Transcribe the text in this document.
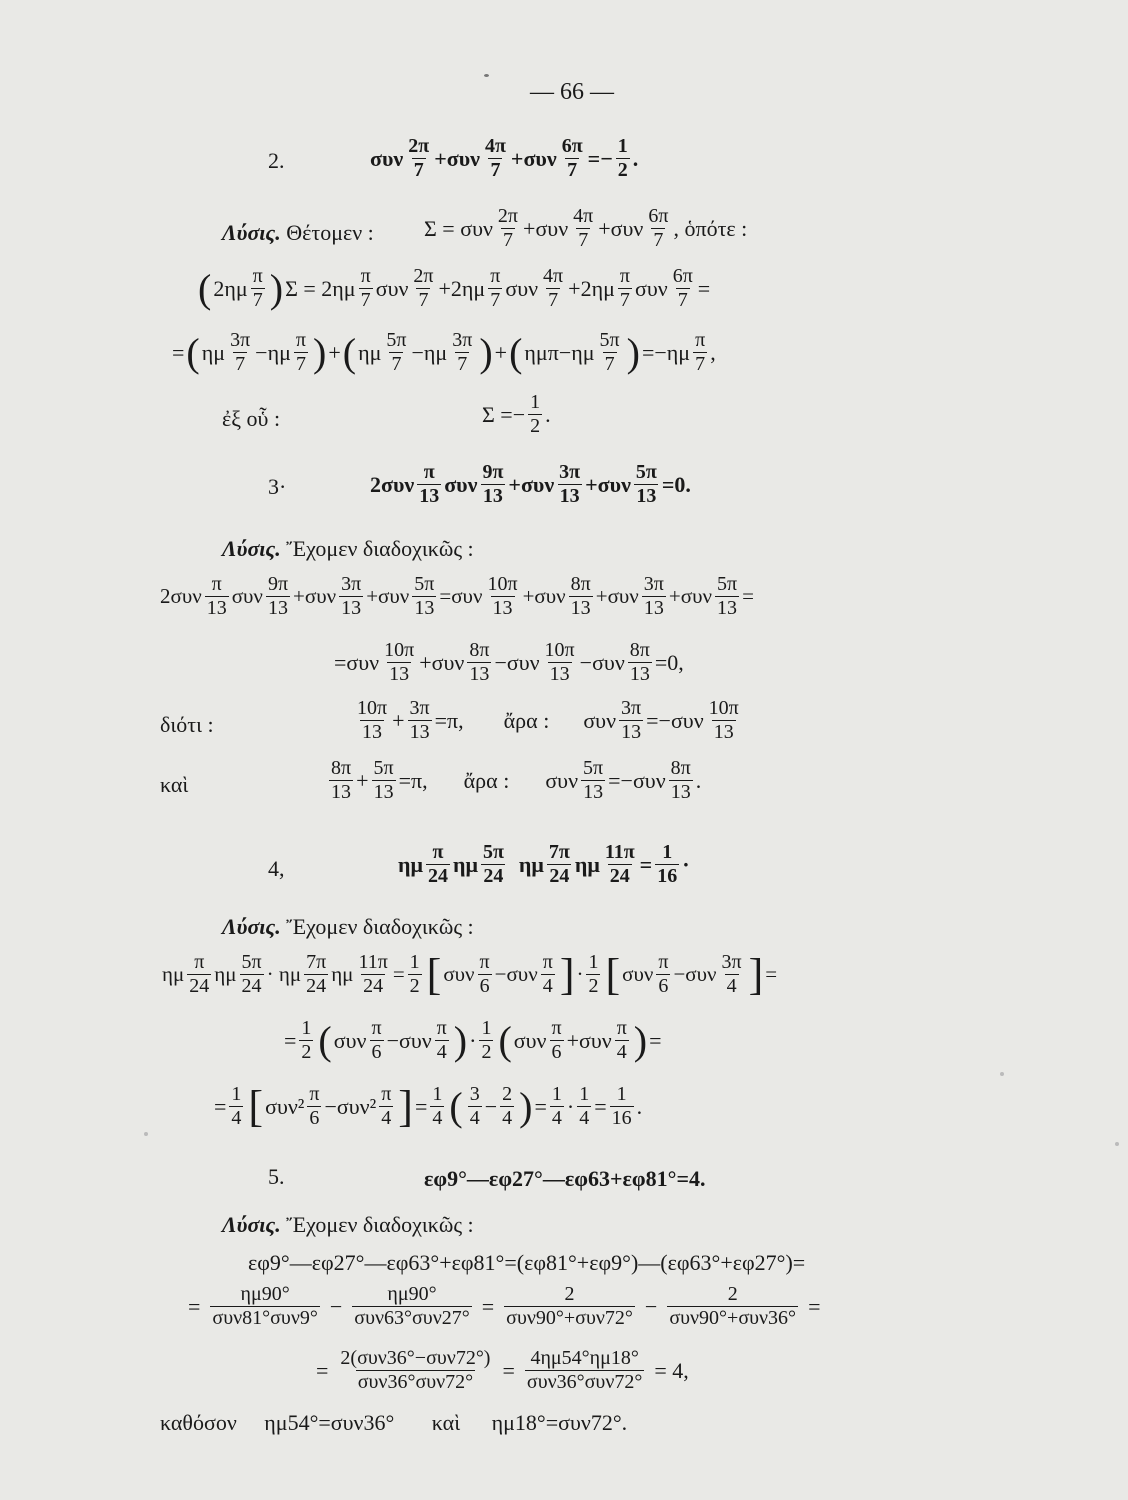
— 66 —
2.	συν $\frac{2\pi}{7} +\sigma\upsilon\nu \frac{4\pi}{7} +\sigma\upsilon\nu \frac{6\pi}{7} =- \frac{1}{2}$ .
Λύσις. Θέτομεν : Σ = συν $\frac{2\pi}{7} +\sigma\upsilon\nu \frac{4\pi}{7} +\sigma\upsilon\nu \frac{6\pi}{7}$ , ὁπότε :
( $2\eta\mu \frac{\pi}{7}$ ) $\Sigma = 2\eta\mu \frac{\pi}{7}$ συν $\frac{2\pi}{7} +2\eta\mu \frac{\pi}{7}$ συν $\frac{4\pi}{7} +2\eta\mu \frac{\pi}{7}$ συν $\frac{6\pi}{7}$ =
= ( ημ $\frac{3\pi}{7} -\eta\mu \frac{\pi}{7}$ ) + ( ημ $\frac{5\pi}{7} -\eta\mu \frac{3\pi}{7}$ ) + ( $\eta\mu\pi-\eta\mu \frac{5\pi}{7}$ ) $=-\eta\mu \frac{\pi}{7}$ ,
ἐξ οὗ :	$\Sigma =- \frac{1}{2}$ .
3·	$2\sigma\upsilon\nu \frac{\pi}{13}$ συν $\frac{9\pi}{13} +\sigma\upsilon\nu \frac{3\pi}{13} +\sigma\upsilon\nu \frac{5\pi}{13} =0$.
Λύσις. Ἔχομεν διαδοχικῶς :
$2\sigma\upsilon\nu \frac{\pi}{13}$ συν $\frac{9\pi}{13} +\sigma\upsilon\nu \frac{3\pi}{13} +\sigma\upsilon\nu \frac{5\pi}{13} =\sigma\upsilon\nu \frac{10\pi}{13} +\sigma\upsilon\nu \frac{8\pi}{13} +\sigma\upsilon\nu \frac{3\pi}{13} +\sigma\upsilon\nu \frac{5\pi}{13}$ =
$=\sigma\upsilon\nu \frac{10\pi}{13} +\sigma\upsilon\nu \frac{8\pi}{13} -\sigma\upsilon\nu \frac{10\pi}{13} -\sigma\upsilon\nu \frac{8\pi}{13} =0$,
διότι :	$\frac{10\pi}{13} + \frac{3\pi}{13} =\pi$, ἄρα : συν $\frac{3\pi}{13} =-\sigma\upsilon\nu \frac{10\pi}{13}$
καὶ	$\frac{8\pi}{13} + \frac{5\pi}{13} =\pi$, ἄρα : συν $\frac{5\pi}{13} =-\sigma\upsilon\nu \frac{8\pi}{13}$ .
4,	ημ $\frac{\pi}{24}$ ημ $\frac{5\pi}{24}$ ημ $\frac{7\pi}{24}$ ημ $\frac{11\pi}{24} = \frac{1}{16}$ ·
Λύσις. Ἔχομεν διαδοχικῶς :
ημ $\frac{\pi}{24}$ ημ $\frac{5\pi}{24} \cdot \eta\mu \frac{7\pi}{24}$ ημ $\frac{11\pi}{24} = \frac{1}{2}$ [ συν $\frac{\pi}{6} -\sigma\upsilon\nu \frac{\pi}{4}$ ] · $\frac{1}{2}$ [ συν $\frac{\pi}{6} -\sigma\upsilon\nu \frac{3\pi}{4}$ ] =
= $\frac{1}{2}$ ( συν $\frac{\pi}{6} -\sigma\upsilon\nu \frac{\pi}{4}$ ) · $\frac{1}{2}$ ( συν $\frac{\pi}{6} +\sigma\upsilon\nu \frac{\pi}{4}$ ) =
= $\frac{1}{4}$ [ $\sigma\upsilon\nu^2 \frac{\pi}{6} -\sigma\upsilon\nu^2 \frac{\pi}{4}$ ] = $\frac{1}{4}$ ( $\frac{3}{4} - \frac{2}{4}$ ) = $\frac{1}{4} \cdot \frac{1}{4} = \frac{1}{16}$ .
5.	εφ9°—εφ27°—εφ63+εφ81°=4.
Λύσις. Ἔχομεν διαδοχικῶς :
εφ9°—εφ27°—εφ63°+εφ81°=(εφ81°+εφ9°)—(εφ63°+εφ27°)=
= $\frac{\eta\mu 90^\circ}{\text{συν81°συν9°}} - \frac{\eta\mu 90^\circ}{\text{συν63°συν27°}} = \frac{2}{\text{συν90°+συν72°}} - \frac{2}{\text{συν90°+συν36°}}$ =
= $\frac{\text{2(συν36°−συν72°)}}{\text{συν36°συν72°}} = \frac{4\eta\mu 54^\circ\eta\mu 18^\circ}{\text{συν36°συν72°}} = 4$,
καθόσον ημ54°=συν36° καὶ ημ18°=συν72°.
